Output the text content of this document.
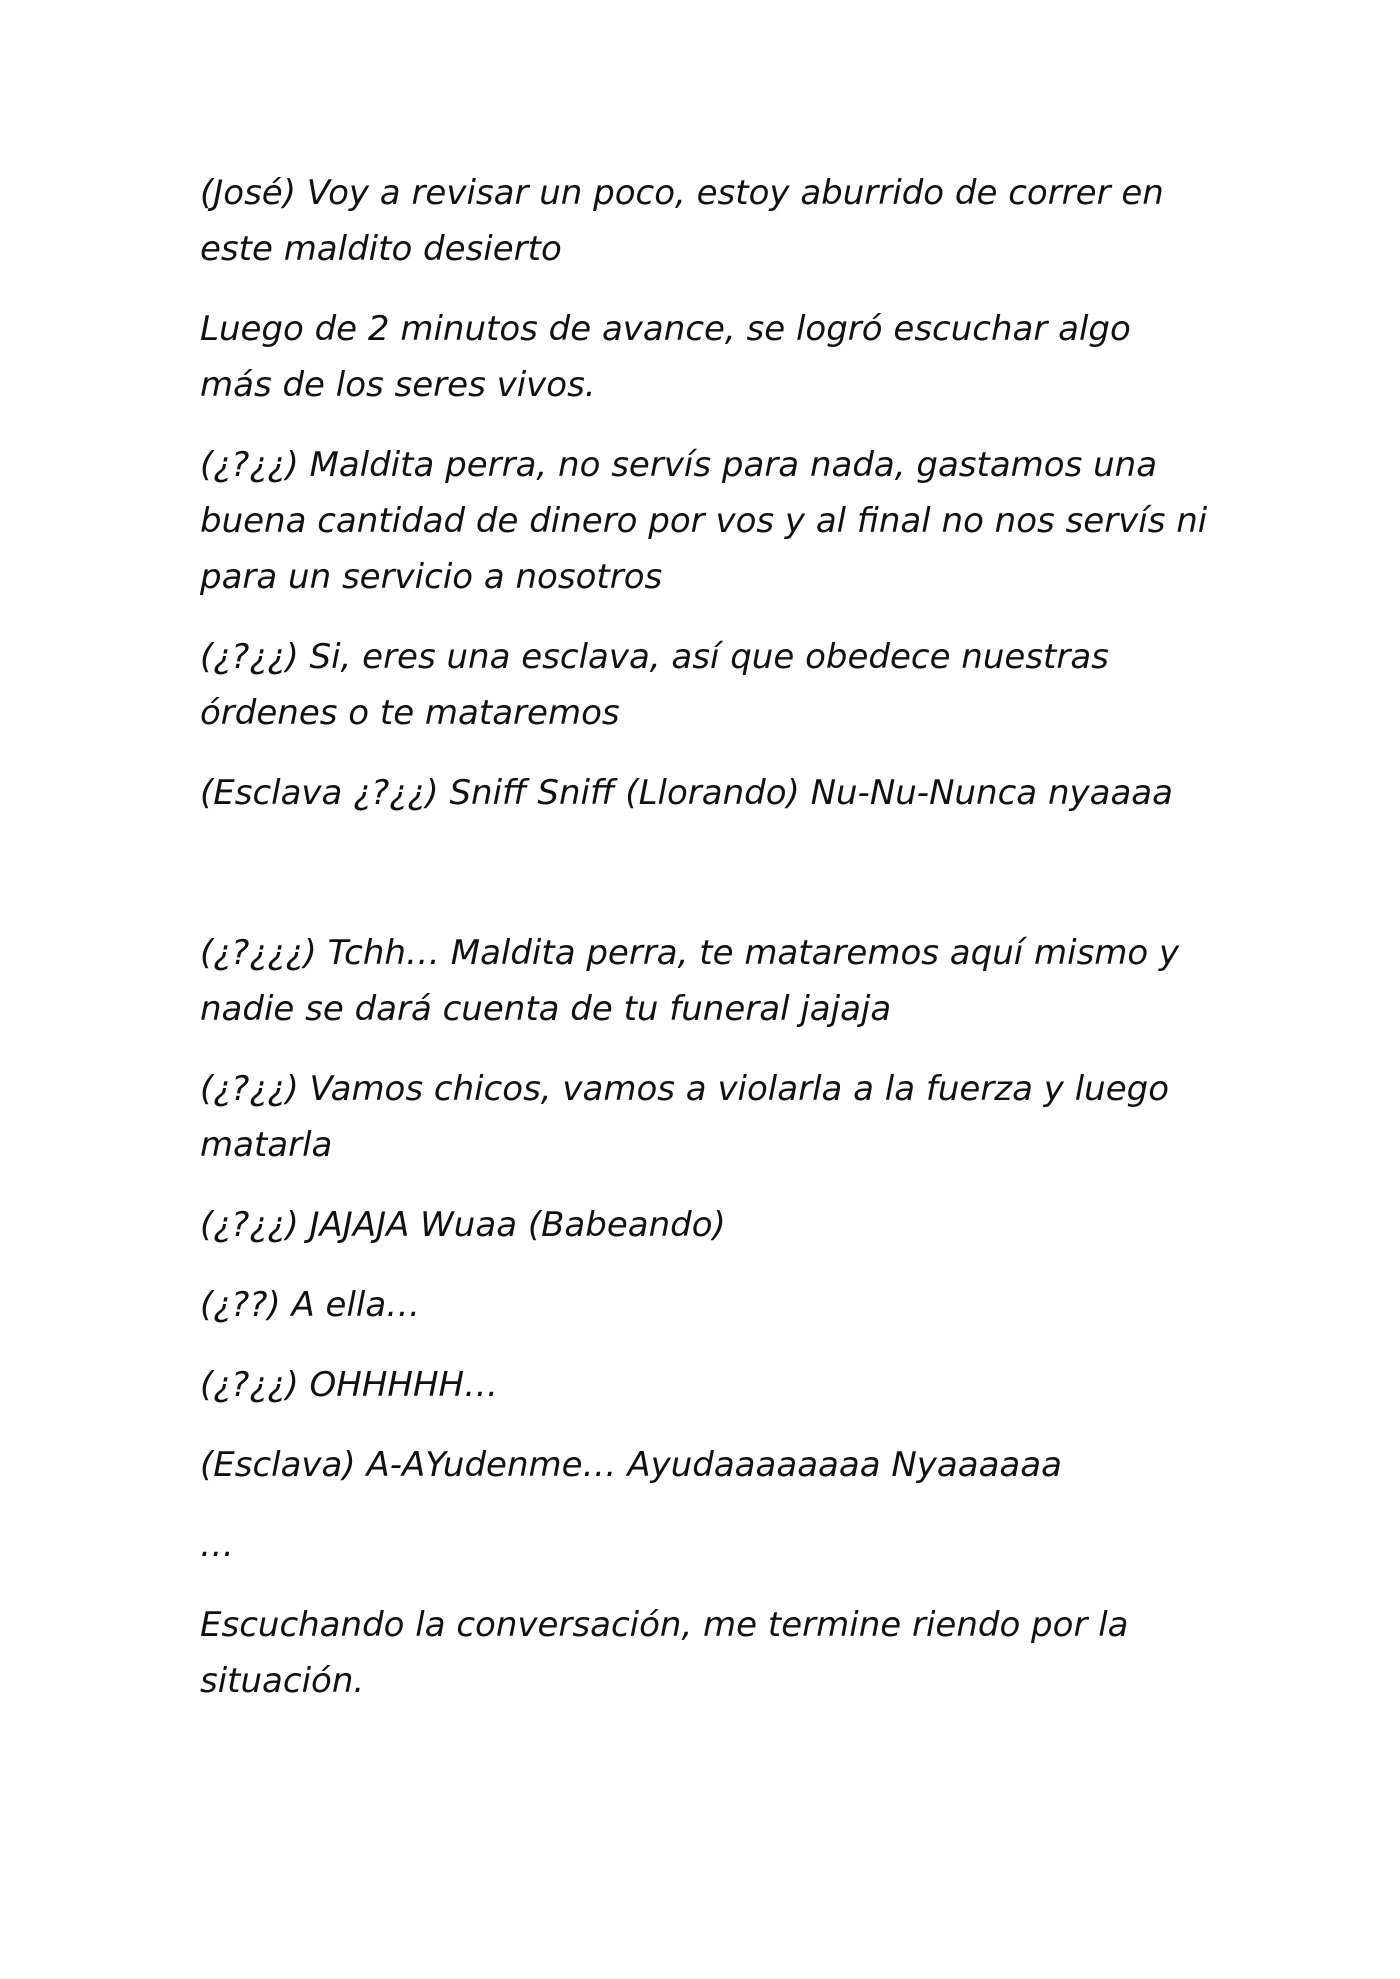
(José) Voy a revisar un poco, estoy aburrido de correr en este maldito desierto

Luego de 2 minutos de avance, se logró escuchar algo más de los seres vivos.

(¿?¿¿) Maldita perra, no servís para nada, gastamos una buena cantidad de dinero por vos y al final no nos servís ni para un servicio a nosotros

(¿?¿¿) Si, eres una esclava, así que obedece nuestras órdenes o te mataremos

(Esclava ¿?¿¿) Sniff Sniff (Llorando) Nu-Nu-Nunca nyaaaa

(¿?¿¿¿) Tchh… Maldita perra, te mataremos aquí mismo y nadie se dará cuenta de tu funeral jajaja

(¿?¿¿) Vamos chicos, vamos a violarla a la fuerza y luego matarla

(¿?¿¿) JAJAJA Wuaa (Babeando)

(¿??) A ella…

(¿?¿¿) OHHHHH…

(Esclava) A-AYudenme… Ayudaaaaaaaa Nyaaaaaa

…

Escuchando la conversación, me termine riendo por la situación.
